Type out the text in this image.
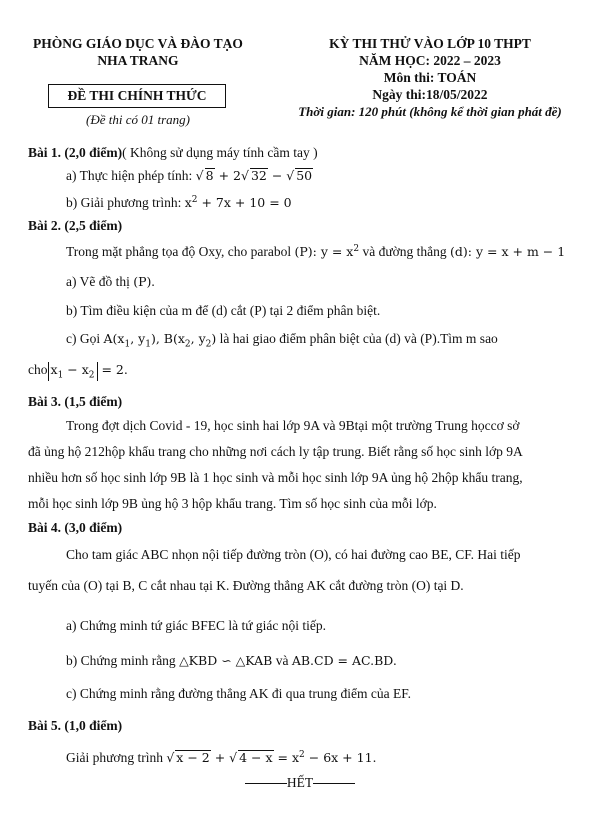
PHÒNG GIÁO DỤC VÀ ĐÀO TẠO
NHA TRANG
ĐỀ THI CHÍNH THỨC
(Đề thi có 01 trang)
KỲ THI THỬ VÀO LỚP 10 THPT
NĂM HỌC: 2022 – 2023
Môn thi: TOÁN
Ngày thi:18/05/2022
Thời gian: 120 phút (không kể thời gian phát đề)
Bài 1. (2,0 điểm)( Không sử dụng máy tính cầm tay )
a) Thực hiện phép tính: √ 8 + 2√ 32 − √ 50
b) Giải phương trình: $x^2 + 7x + 10 = 0$
Bài 2. (2,5 điểm)
Trong mặt phẳng tọa độ Oxy, cho parabol (P): $y = x^2$ và đường thẳng (d): y = x + m − 1
a) Vẽ đồ thị (P).
b) Tìm điều kiện của m để (d) cắt (P) tại 2 điểm phân biệt.
c) Gọi $A(x_1$, $y_1$), $B(x_2$, $y_2$) là hai giao điểm phân biệt của (d) và (P).Tìm m sao
cho $x_1 - x_2 = 2$.
Bài 3. (1,5 điểm)
Trong đợt dịch Covid - 19, học sinh hai lớp 9A và 9Btại một trường Trung họccơ sở
đã ủng hộ 212hộp khẩu trang cho những nơi cách ly tập trung. Biết rằng số học sinh lớp 9A
nhiều hơn số học sinh lớp 9B là 1 học sinh và mỗi học sinh lớp 9A ủng hộ 2hộp khẩu trang,
mỗi học sinh lớp 9B ủng hộ 3 hộp khẩu trang. Tìm số học sinh của mỗi lớp.
Bài 4. (3,0 điểm)
Cho tam giác ABC nhọn nội tiếp đường tròn (O), có hai đường cao BE, CF. Hai tiếp
tuyến của (O) tại B, C cắt nhau tại K. Đường thẳng AK cắt đường tròn (O) tại D.
a) Chứng minh tứ giác BFEC là tứ giác nội tiếp.
b) Chứng minh rằng △KBD ∽ △KAB và AB.CD = AC.BD.
c) Chứng minh rằng đường thẳng AK đi qua trung điểm của EF.
Bài 5. (1,0 điểm)
Giải phương trình √ x − 2 + √ $4 - x = x^2 - 6x + 11$.
HẾT
